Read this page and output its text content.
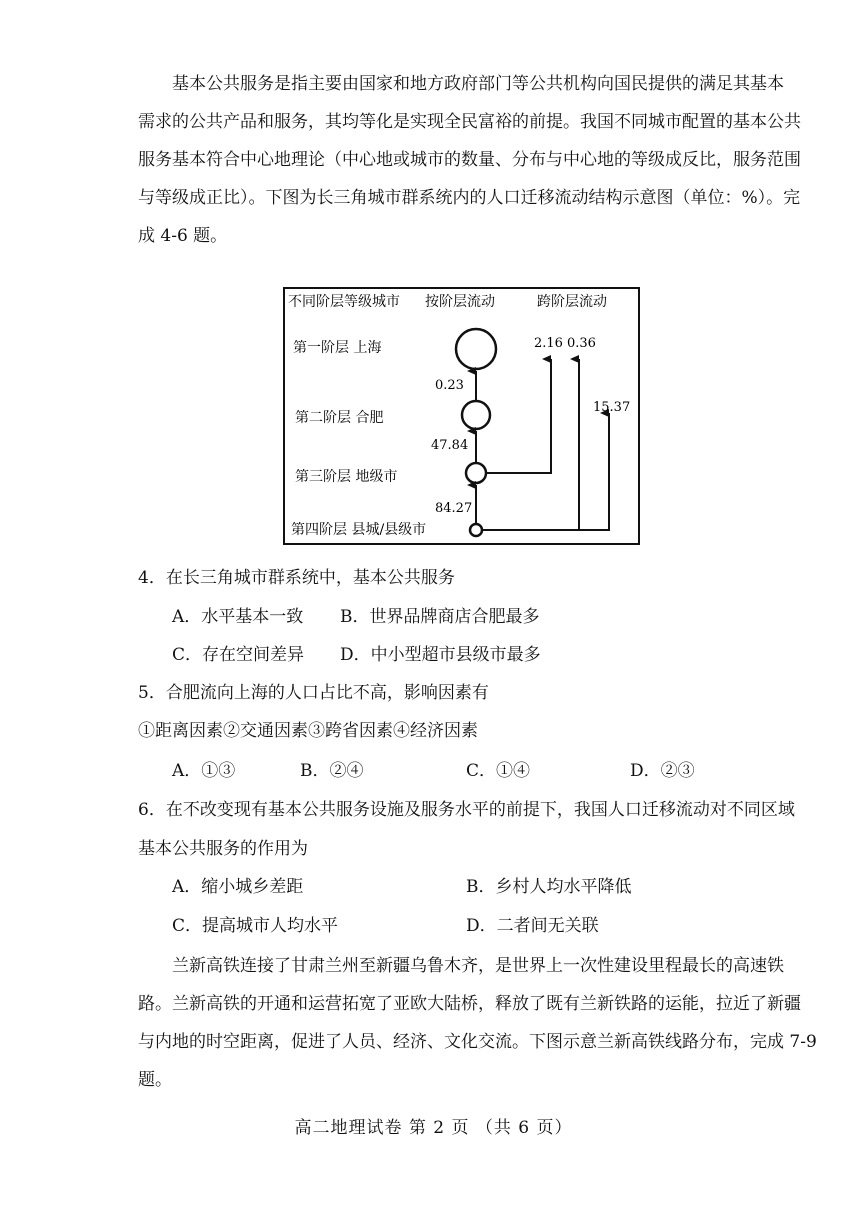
基本公共服务是指主要由国家和地方政府部门等公共机构向国民提供的满足其基本
需求的公共产品和服务，其均等化是实现全民富裕的前提。我国不同城市配置的基本公共
服务基本符合中心地理论（中心地或城市的数量、分布与中心地的等级成反比，服务范围
与等级成正比）。下图为长三角城市群系统内的人口迁移流动结构示意图（单位：%）。完
成 4-6 题。
不同阶层等级城市 按阶层流动	跨阶层流动
第一阶层 上海
第二阶层 合肥
第三阶层 地级市
第四阶层 县城/县级市
0.23
47.84
84.27
2.16 0.36
15.37
4．在长三角城市群系统中，基本公共服务
A．水平基本一致 B．世界品牌商店合肥最多
C．存在空间差异 D．中小型超市县级市最多
5．合肥流向上海的人口占比不高，影响因素有
①距离因素②交通因素③跨省因素④经济因素
A．①③	B．②④	C．①④	D．②③
6．在不改变现有基本公共服务设施及服务水平的前提下，我国人口迁移流动对不同区域
基本公共服务的作用为
A．缩小城乡差距	B．乡村人均水平降低
C．提高城市人均水平	D．二者间无关联
兰新高铁连接了甘肃兰州至新疆乌鲁木齐，是世界上一次性建设里程最长的高速铁
路。兰新高铁的开通和运营拓宽了亚欧大陆桥，释放了既有兰新铁路的运能，拉近了新疆
与内地的时空距离，促进了人员、经济、文化交流。下图示意兰新高铁线路分布，完成 7-9
题。
高二地理试卷 第 2 页 （共 6 页）
